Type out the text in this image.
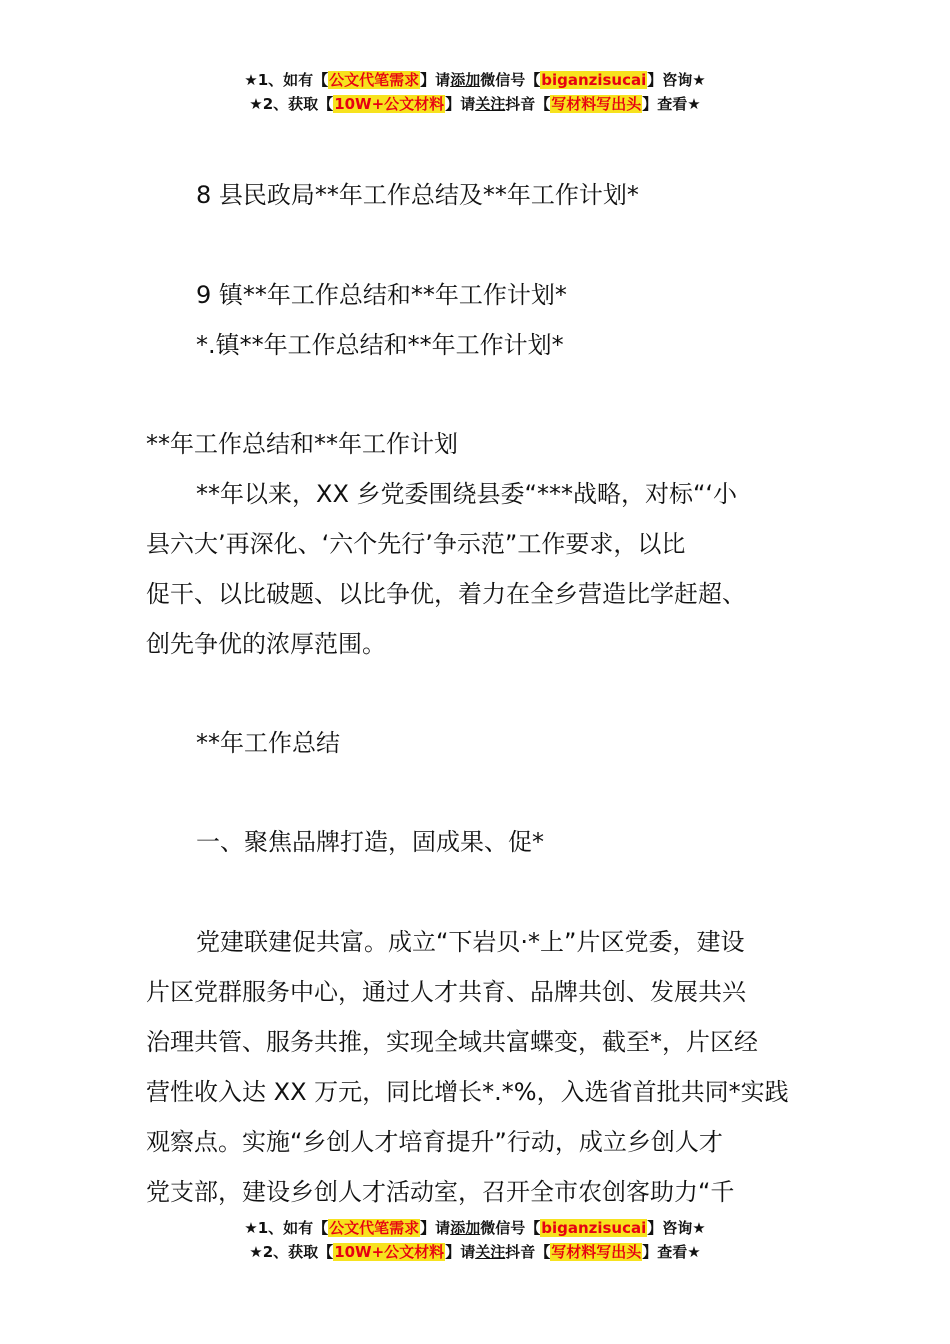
★1、如有【公文代笔需求】请添加微信号【biganzisucai】咨询★
★2、获取【10W+公文材料】请关注抖音【写材料写出头】查看★

8 县民政局**年工作总结及**年工作计划*

9 镇**年工作总结和**年工作计划*

*.镇**年工作总结和**年工作计划*

**年工作总结和**年工作计划

**年以来，XX 乡党委围绕县委“***战略，对标“‘小
县六大’再深化、‘六个先行’争示范”工作要求，以比
促干、以比破题、以比争优，着力在全乡营造比学赶超、
创先争优的浓厚范围。

**年工作总结

一、聚焦品牌打造，固成果、促*

党建联建促共富。成立“下岩贝·*上”片区党委，建设
片区党群服务中心，通过人才共育、品牌共创、发展共兴
治理共管、服务共推，实现全域共富蝶变，截至*，片区经
营性收入达 XX 万元，同比增长*.*%，入选省首批共同*实践
观察点。实施“乡创人才培育提升”行动，成立乡创人才
党支部，建设乡创人才活动室，召开全市农创客助力“千
★1、如有【公文代笔需求】请添加微信号【biganzisucai】咨询★
★2、获取【10W+公文材料】请关注抖音【写材料写出头】查看★
